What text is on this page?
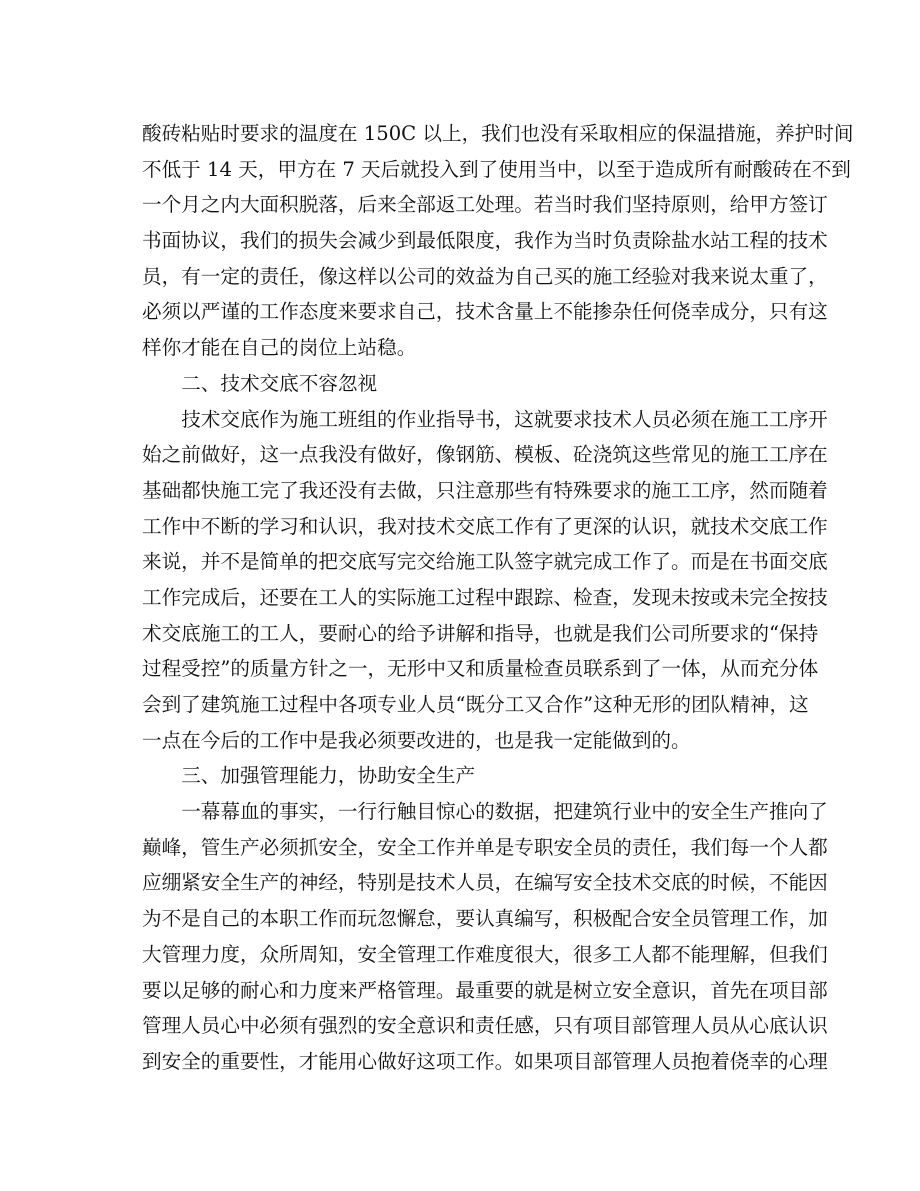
酸砖粘贴时要求的温度在 150C 以上，我们也没有采取相应的保温措施，养护时间
不低于 14 天，甲方在 7 天后就投入到了使用当中，以至于造成所有耐酸砖在不到
一个月之内大面积脱落，后来全部返工处理。若当时我们坚持原则，给甲方签订
书面协议，我们的损失会减少到最低限度，我作为当时负责除盐水站工程的技术
员，有一定的责任，像这样以公司的效益为自己买的施工经验对我来说太重了，
必须以严谨的工作态度来要求自己，技术含量上不能掺杂任何侥幸成分，只有这
样你才能在自己的岗位上站稳。
二、技术交底不容忽视
技术交底作为施工班组的作业指导书，这就要求技术人员必须在施工工序开
始之前做好，这一点我没有做好，像钢筋、模板、砼浇筑这些常见的施工工序在
基础都快施工完了我还没有去做，只注意那些有特殊要求的施工工序，然而随着
工作中不断的学习和认识，我对技术交底工作有了更深的认识，就技术交底工作
来说，并不是简单的把交底写完交给施工队签字就完成工作了。而是在书面交底
工作完成后，还要在工人的实际施工过程中跟踪、检查，发现未按或未完全按技
术交底施工的工人，要耐心的给予讲解和指导，也就是我们公司所要求的“保持
过程受控”的质量方针之一，无形中又和质量检查员联系到了一体，从而充分体
会到了建筑施工过程中各项专业人员“既分工又合作”这种无形的团队精神，这
一点在今后的工作中是我必须要改进的，也是我一定能做到的。
三、加强管理能力，协助安全生产
一幕幕血的事实，一行行触目惊心的数据，把建筑行业中的安全生产推向了
巅峰，管生产必须抓安全，安全工作并单是专职安全员的责任，我们每一个人都
应绷紧安全生产的神经，特别是技术人员，在编写安全技术交底的时候，不能因
为不是自己的本职工作而玩忽懈怠，要认真编写，积极配合安全员管理工作，加
大管理力度，众所周知，安全管理工作难度很大，很多工人都不能理解，但我们
要以足够的耐心和力度来严格管理。最重要的就是树立安全意识，首先在项目部
管理人员心中必须有强烈的安全意识和责任感，只有项目部管理人员从心底认识
到安全的重要性，才能用心做好这项工作。如果项目部管理人员抱着侥幸的心理
